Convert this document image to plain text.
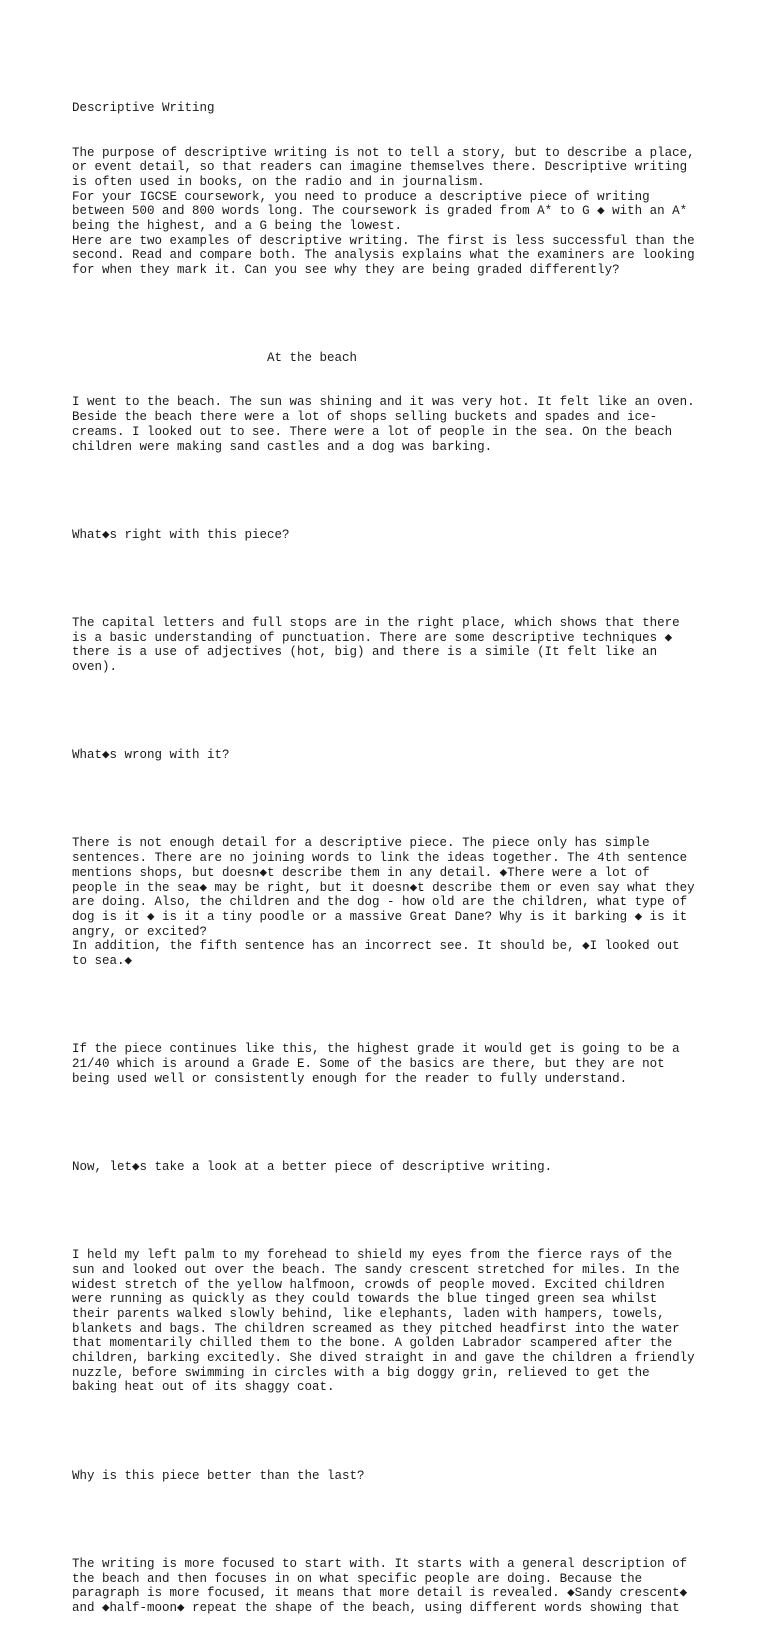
Descriptive Writing

The purpose of descriptive writing is not to tell a story, but to describe a place,
or event detail, so that readers can imagine themselves there. Descriptive writing
is often used in books, on the radio and in journalism.
For your IGCSE coursework, you need to produce a descriptive piece of writing
between 500 and 800 words long. The coursework is graded from A* to G ◆ with an A*
being the highest, and a G being the lowest.
Here are two examples of descriptive writing. The first is less successful than the
second. Read and compare both. The analysis explains what the examiners are looking
for when they mark it. Can you see why they are being graded differently?

At the beach

I went to the beach. The sun was shining and it was very hot. It felt like an oven.
Beside the beach there were a lot of shops selling buckets and spades and ice-
creams. I looked out to see. There were a lot of people in the sea. On the beach
children were making sand castles and a dog was barking.

What◆s right with this piece?

The capital letters and full stops are in the right place, which shows that there
is a basic understanding of punctuation. There are some descriptive techniques ◆
there is a use of adjectives (hot, big) and there is a simile (It felt like an
oven).

What◆s wrong with it?

There is not enough detail for a descriptive piece. The piece only has simple
sentences. There are no joining words to link the ideas together. The 4th sentence
mentions shops, but doesn◆t describe them in any detail. ◆There were a lot of
people in the sea◆ may be right, but it doesn◆t describe them or even say what they
are doing. Also, the children and the dog - how old are the children, what type of
dog is it ◆ is it a tiny poodle or a massive Great Dane? Why is it barking ◆ is it
angry, or excited?
In addition, the fifth sentence has an incorrect see. It should be, ◆I looked out
to sea.◆

If the piece continues like this, the highest grade it would get is going to be a
21/40 which is around a Grade E. Some of the basics are there, but they are not
being used well or consistently enough for the reader to fully understand.

Now, let◆s take a look at a better piece of descriptive writing.

I held my left palm to my forehead to shield my eyes from the fierce rays of the
sun and looked out over the beach. The sandy crescent stretched for miles. In the
widest stretch of the yellow halfmoon, crowds of people moved. Excited children
were running as quickly as they could towards the blue tinged green sea whilst
their parents walked slowly behind, like elephants, laden with hampers, towels,
blankets and bags. The children screamed as they pitched headfirst into the water
that momentarily chilled them to the bone. A golden Labrador scampered after the
children, barking excitedly. She dived straight in and gave the children a friendly
nuzzle, before swimming in circles with a big doggy grin, relieved to get the
baking heat out of its shaggy coat.

Why is this piece better than the last?

The writing is more focused to start with. It starts with a general description of
the beach and then focuses in on what specific people are doing. Because the
paragraph is more focused, it means that more detail is revealed. ◆Sandy crescent◆
and ◆half-moon◆ repeat the shape of the beach, using different words showing that
